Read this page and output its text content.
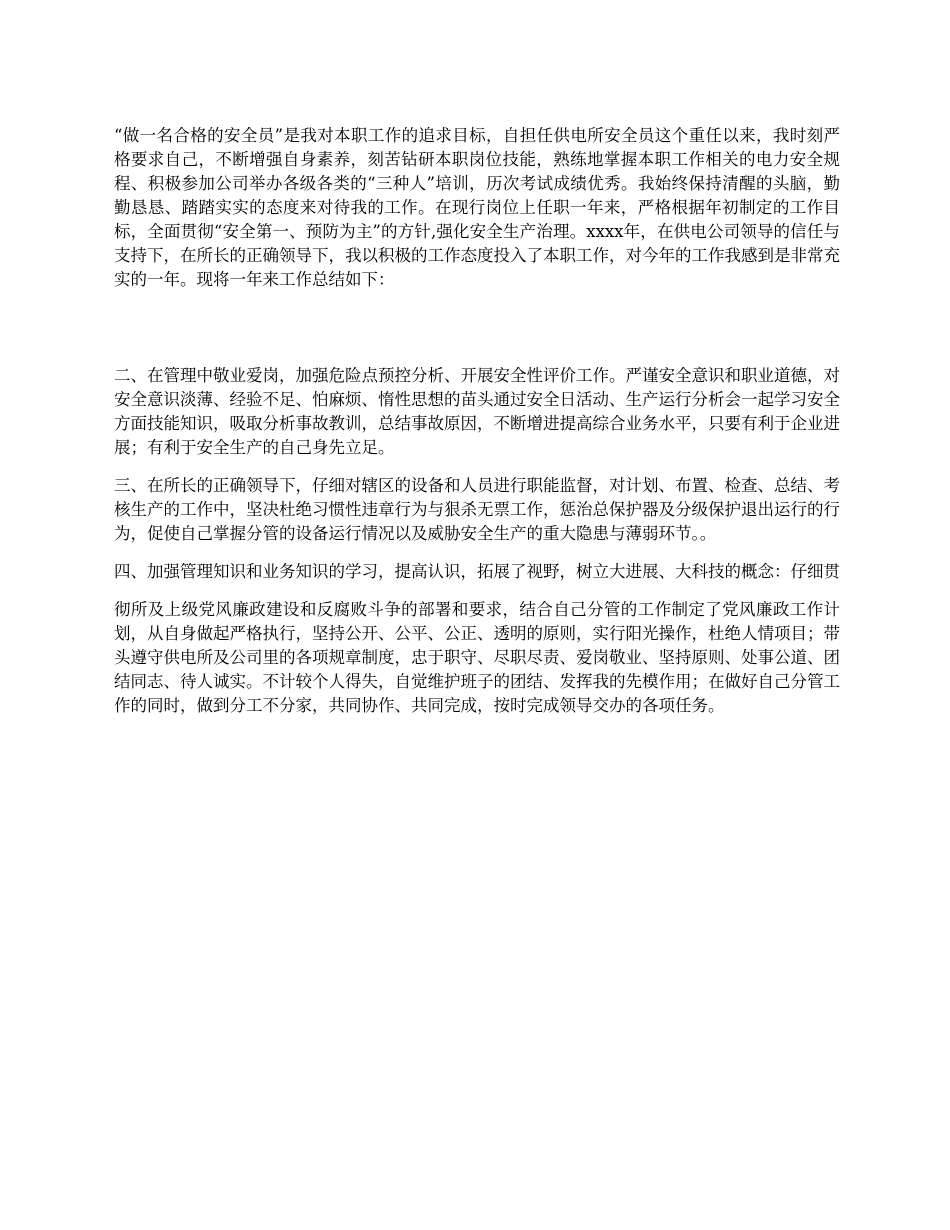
“做一名合格的安全员”是我对本职工作的追求目标，自担任供电所安全员这个重任以来，我时刻严格要求自己，不断增强自身素养，刻苦钻研本职岗位技能，熟练地掌握本职工作相关的电力安全规程、积极参加公司举办各级各类的“三种人”培训，历次考试成绩优秀。我始终保持清醒的头脑，勤勤恳恳、踏踏实实的态度来对待我的工作。在现行岗位上任职一年来，严格根据年初制定的工作目标，全面贯彻“安全第一、预防为主”的方针,强化安全生产治理。xxxx年，在供电公司领导的信任与支持下，在所长的正确领导下，我以积极的工作态度投入了本职工作，对今年的工作我感到是非常充实的一年。现将一年来工作总结如下：

二、在管理中敬业爱岗，加强危险点预控分析、开展安全性评价工作。严谨安全意识和职业道德，对安全意识淡薄、经验不足、怕麻烦、惰性思想的苗头通过安全日活动、生产运行分析会一起学习安全方面技能知识，吸取分析事故教训，总结事故原因，不断增进提高综合业务水平，只要有利于企业进展；有利于安全生产的自己身先立足。

三、在所长的正确领导下，仔细对辖区的设备和人员进行职能监督，对计划、布置、检查、总结、考核生产的工作中，坚决杜绝习惯性违章行为与狠杀无票工作，惩治总保护器及分级保护退出运行的行为，促使自己掌握分管的设备运行情况以及威胁安全生产的重大隐患与薄弱环节。。

四、加强管理知识和业务知识的学习，提高认识，拓展了视野，树立大进展、大科技的概念：仔细贯

彻所及上级党风廉政建设和反腐败斗争的部署和要求，结合自己分管的工作制定了党风廉政工作计划，从自身做起严格执行，坚持公开、公平、公正、透明的原则，实行阳光操作，杜绝人情项目；带头遵守供电所及公司里的各项规章制度，忠于职守、尽职尽责、爱岗敬业、坚持原则、处事公道、团结同志、待人诚实。不计较个人得失，自觉维护班子的团结、发挥我的先模作用；在做好自己分管工作的同时，做到分工不分家，共同协作、共同完成，按时完成领导交办的各项任务。
